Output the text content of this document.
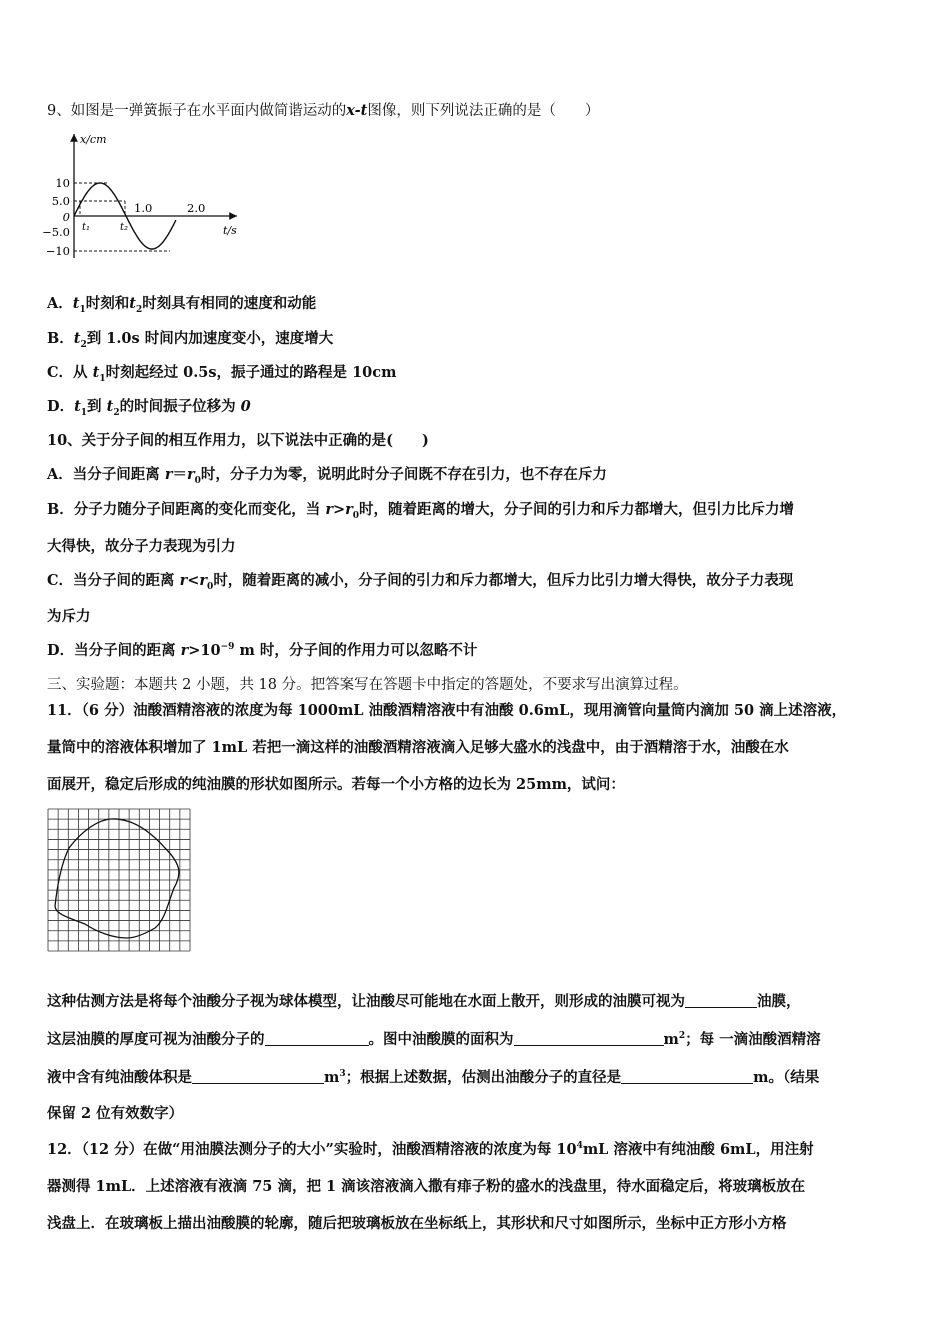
9、如图是一弹簧振子在水平面内做简谐运动的x-t图像，则下列说法正确的是（　　）
x/cm
t/s
10
5.0
0
−5.0
−10
1.0	2.0
t₁	t₂
A．$t_1$时刻和$t_2$时刻具有相同的速度和动能
B．$t_2$到 1.0s 时间内加速度变小，速度增大
C．从 $t_1$时刻起经过 0.5s，振子通过的路程是 10cm
D．$t_1$到 $t_2$的时间振子位移为 0
10、关于分子间的相互作用力，以下说法中正确的是(　　)
A．当分子间距离 $r=r_0$时，分子力为零，说明此时分子间既不存在引力，也不存在斥力
B．分子力随分子间距离的变化而变化，当 $r>r_0$时，随着距离的增大，分子间的引力和斥力都增大，但引力比斥力增
大得快，故分子力表现为引力
C．当分子间的距离 $r<r_0$时，随着距离的减小，分子间的引力和斥力都增大，但斥力比引力增大得快，故分子力表现
为斥力
D．当分子间的距离 $r>10^{-9}$ m 时，分子间的作用力可以忽略不计
三、实验题：本题共 2 小题，共 18 分。把答案写在答题卡中指定的答题处，不要求写出演算过程。
11．（6 分）油酸酒精溶液的浓度为每 1000mL 油酸酒精溶液中有油酸 0.6mL，现用滴管向量筒内滴加 50 滴上述溶液，
量筒中的溶液体积增加了 1mL 若把一滴这样的油酸酒精溶液滴入足够大盛水的浅盘中，由于酒精溶于水，油酸在水
面展开，稳定后形成的纯油膜的形状如图所示。若每一个小方格的边长为 25mm，试问：
这种估测方法是将每个油酸分子视为球体模型，让油酸尽可能地在水面上散开，则形成的油膜可视为	油膜，
这层油膜的厚度可视为油酸分子的	。图中油酸膜的面积为	$m^2$；每 一滴油酸酒精溶
液中含有纯油酸体积是	$m^3$；根据上述数据，估测出油酸分子的直径是	m。（结果
保留 2 位有效数字）
12．（12 分）在做“用油膜法测分子的大小”实验时，油酸酒精溶液的浓度为每 $10^4mL$ 溶液中有纯油酸 6mL，用注射
器测得 1mL．上述溶液有液滴 75 滴，把 1 滴该溶液滴入撒有痱子粉的盛水的浅盘里，待水面稳定后，将玻璃板放在
浅盘上．在玻璃板上描出油酸膜的轮廓，随后把玻璃板放在坐标纸上，其形状和尺寸如图所示，坐标中正方形小方格
